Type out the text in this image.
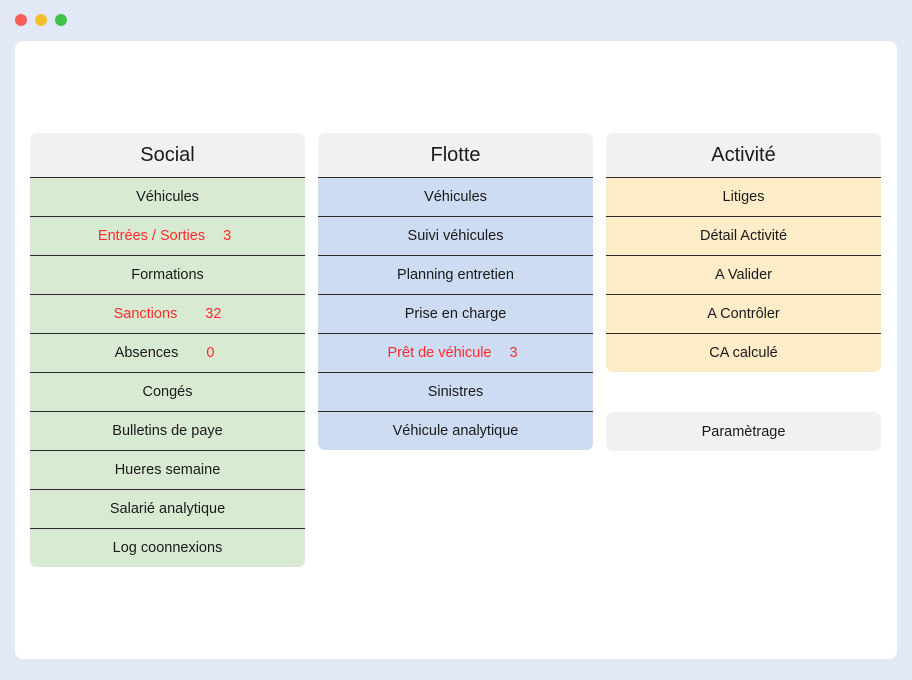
Social
Véhicules
Entrées / Sorties 3
Formations
Sanctions 32
Absences 0
Congés
Bulletins de paye
Hueres semaine
Salarié analytique
Log coonnexions
Flotte
Véhicules
Suivi véhicules
Planning entretien
Prise en charge
Prêt de véhicule 3
Sinistres
Véhicule analytique
Activité
Litiges
Détail Activité
A Valider
A Contrôler
CA calculé
Paramètrage
